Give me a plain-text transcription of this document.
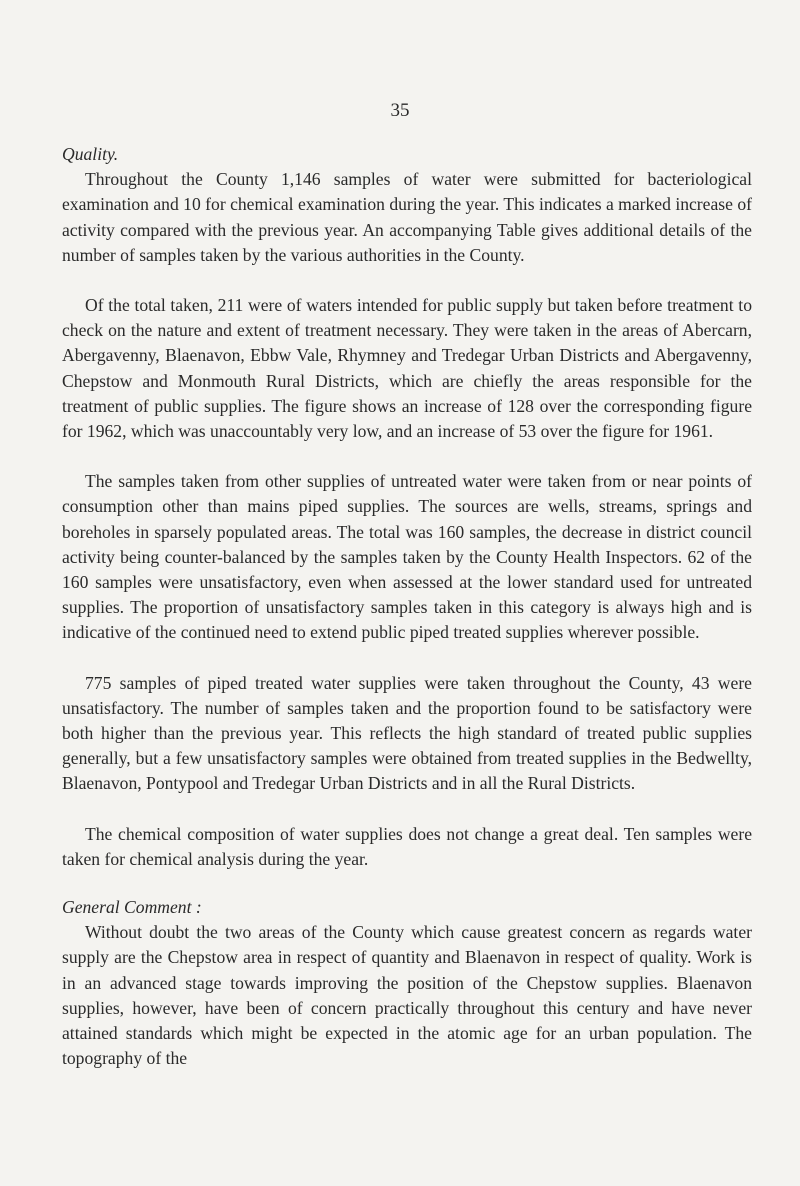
35
Quality.

Throughout the County 1,146 samples of water were submitted for bacteriological examination and 10 for chemical examination during the year. This indicates a marked increase of activity compared with the previous year. An accompanying Table gives additional details of the number of samples taken by the various authorities in the County.

Of the total taken, 211 were of waters intended for public supply but taken before treatment to check on the nature and extent of treatment necessary. They were taken in the areas of Abercarn, Abergavenny, Blaenavon, Ebbw Vale, Rhymney and Tredegar Urban Districts and Abergavenny, Chepstow and Monmouth Rural Districts, which are chiefly the areas responsible for the treatment of public supplies. The figure shows an increase of 128 over the corresponding figure for 1962, which was unaccountably very low, and an increase of 53 over the figure for 1961.

The samples taken from other supplies of untreated water were taken from or near points of consumption other than mains piped supplies. The sources are wells, streams, springs and boreholes in sparsely populated areas. The total was 160 samples, the decrease in district council activity being counter-balanced by the samples taken by the County Health Inspectors. 62 of the 160 samples were unsatisfactory, even when assessed at the lower standard used for untreated supplies. The proportion of unsatisfactory samples taken in this category is always high and is indicative of the continued need to extend public piped treated supplies wherever possible.

775 samples of piped treated water supplies were taken throughout the County, 43 were unsatisfactory. The number of samples taken and the proportion found to be satisfactory were both higher than the previous year. This reflects the high standard of treated public supplies generally, but a few unsatisfactory samples were obtained from treated supplies in the Bedwellty, Blaenavon, Pontypool and Tredegar Urban Districts and in all the Rural Districts.

The chemical composition of water supplies does not change a great deal. Ten samples were taken for chemical analysis during the year.

General Comment :

Without doubt the two areas of the County which cause greatest concern as regards water supply are the Chepstow area in respect of quantity and Blaenavon in respect of quality. Work is in an advanced stage towards improving the position of the Chepstow supplies. Blaenavon supplies, however, have been of concern practically throughout this century and have never attained standards which might be expected in the atomic age for an urban population. The topography of the
